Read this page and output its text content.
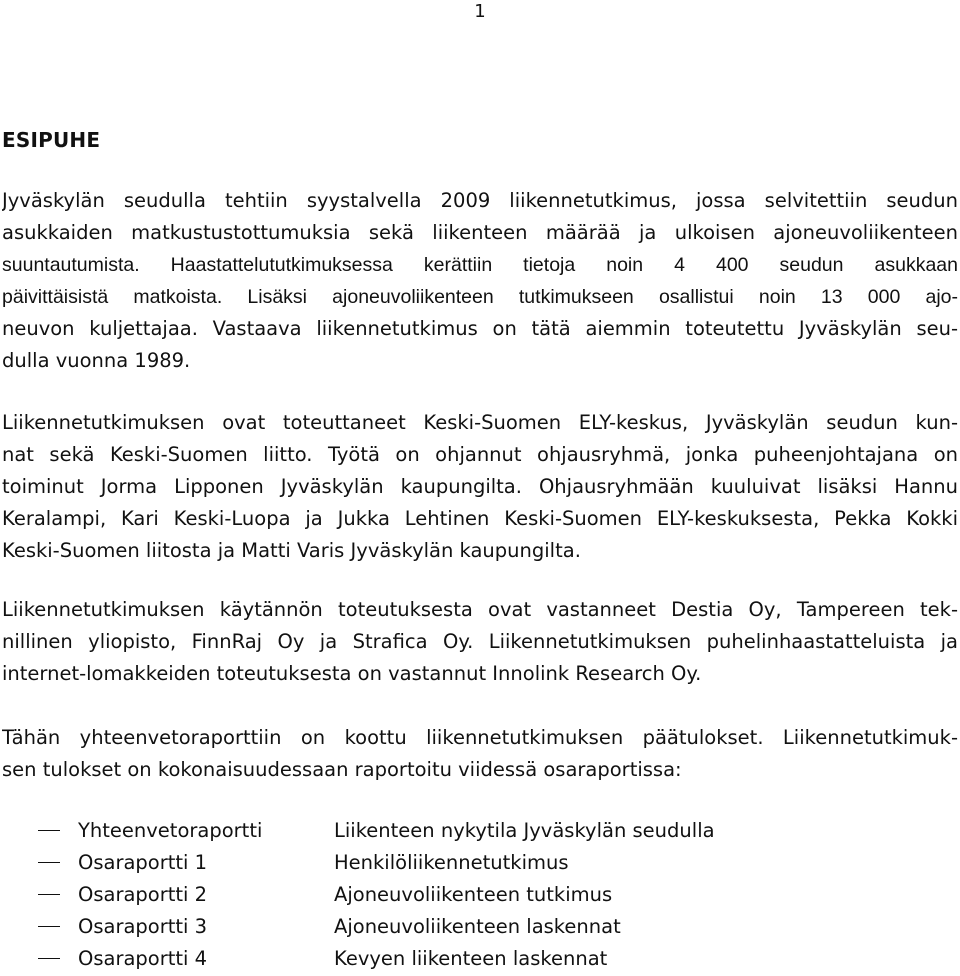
1
ESIPUHE
Jyväskylän seudulla tehtiin syystalvella 2009 liikennetutkimus, jossa selvitettiin seudun
asukkaiden matkustustottumuksia sekä liikenteen määrää ja ulkoisen ajoneuvoliikenteen
suuntautumista. Haastattelututkimuksessa kerättiin tietoja noin 4 400 seudun asukkaan
päivittäisistä matkoista. Lisäksi ajoneuvoliikenteen tutkimukseen osallistui noin 13 000 ajo-
neuvon kuljettajaa. Vastaava liikennetutkimus on tätä aiemmin toteutettu Jyväskylän seu-
dulla vuonna 1989.
Liikennetutkimuksen ovat toteuttaneet Keski-Suomen ELY-keskus, Jyväskylän seudun kun-
nat sekä Keski-Suomen liitto. Työtä on ohjannut ohjausryhmä, jonka puheenjohtajana on
toiminut Jorma Lipponen Jyväskylän kaupungilta. Ohjausryhmään kuuluivat lisäksi Hannu
Keralampi, Kari Keski-Luopa ja Jukka Lehtinen Keski-Suomen ELY-keskuksesta, Pekka Kokki
Keski-Suomen liitosta ja Matti Varis Jyväskylän kaupungilta.
Liikennetutkimuksen käytännön toteutuksesta ovat vastanneet Destia Oy, Tampereen tek-
nillinen yliopisto, FinnRaj Oy ja Strafica Oy. Liikennetutkimuksen puhelinhaastatteluista ja
internet-lomakkeiden toteutuksesta on vastannut Innolink Research Oy.
Tähän yhteenvetoraporttiin on koottu liikennetutkimuksen päätulokset. Liikennetutkimuk-
sen tulokset on kokonaisuudessaan raportoitu viidessä osaraportissa:
Yhteenvetoraportti	Liikenteen nykytila Jyväskylän seudulla
Osaraportti 1	Henkilöliikennetutkimus
Osaraportti 2	Ajoneuvoliikenteen tutkimus
Osaraportti 3	Ajoneuvoliikenteen laskennat
Osaraportti 4	Kevyen liikenteen laskennat
